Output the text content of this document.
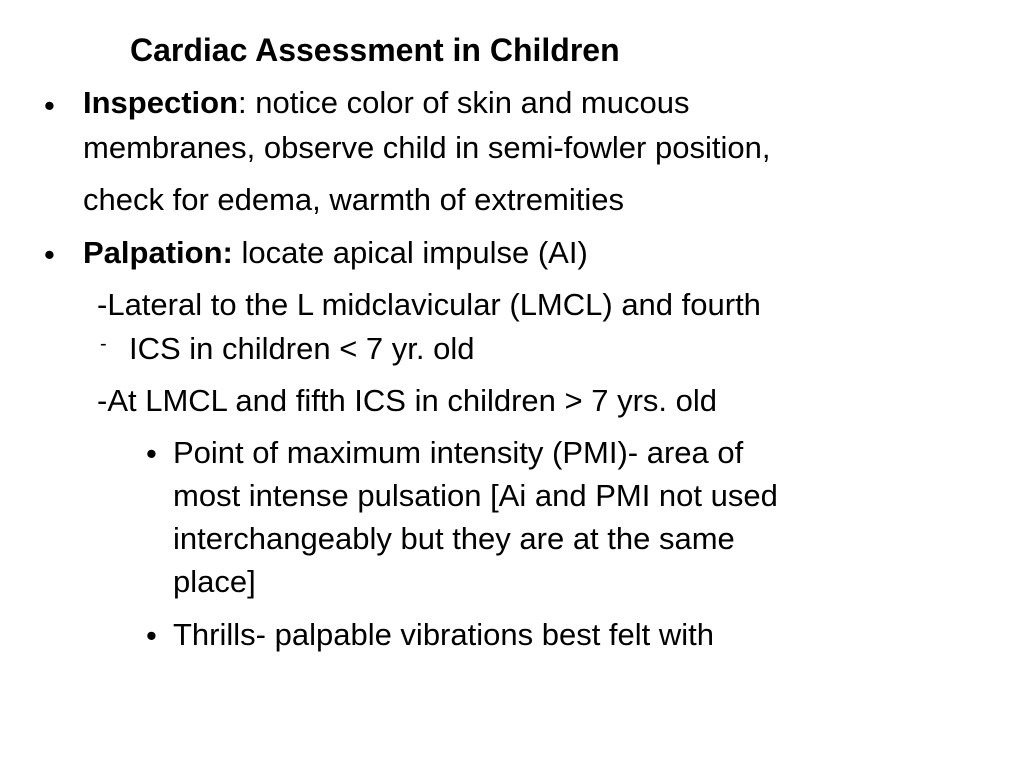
Cardiac Assessment in Children
• Inspection: notice color of skin and mucous
membranes, observe child in semi-fowler position,
check for edema, warmth of extremities
• Palpation: locate apical impulse (AI)
-Lateral to the L midclavicular (LMCL) and fourth
- ICS in children < 7 yr. old
-At LMCL and fifth ICS in children > 7 yrs. old
• Point of maximum intensity (PMI)- area of
most intense pulsation [Ai and PMI not used
interchangeably but they are at the same
place]
• Thrills- palpable vibrations best felt with
